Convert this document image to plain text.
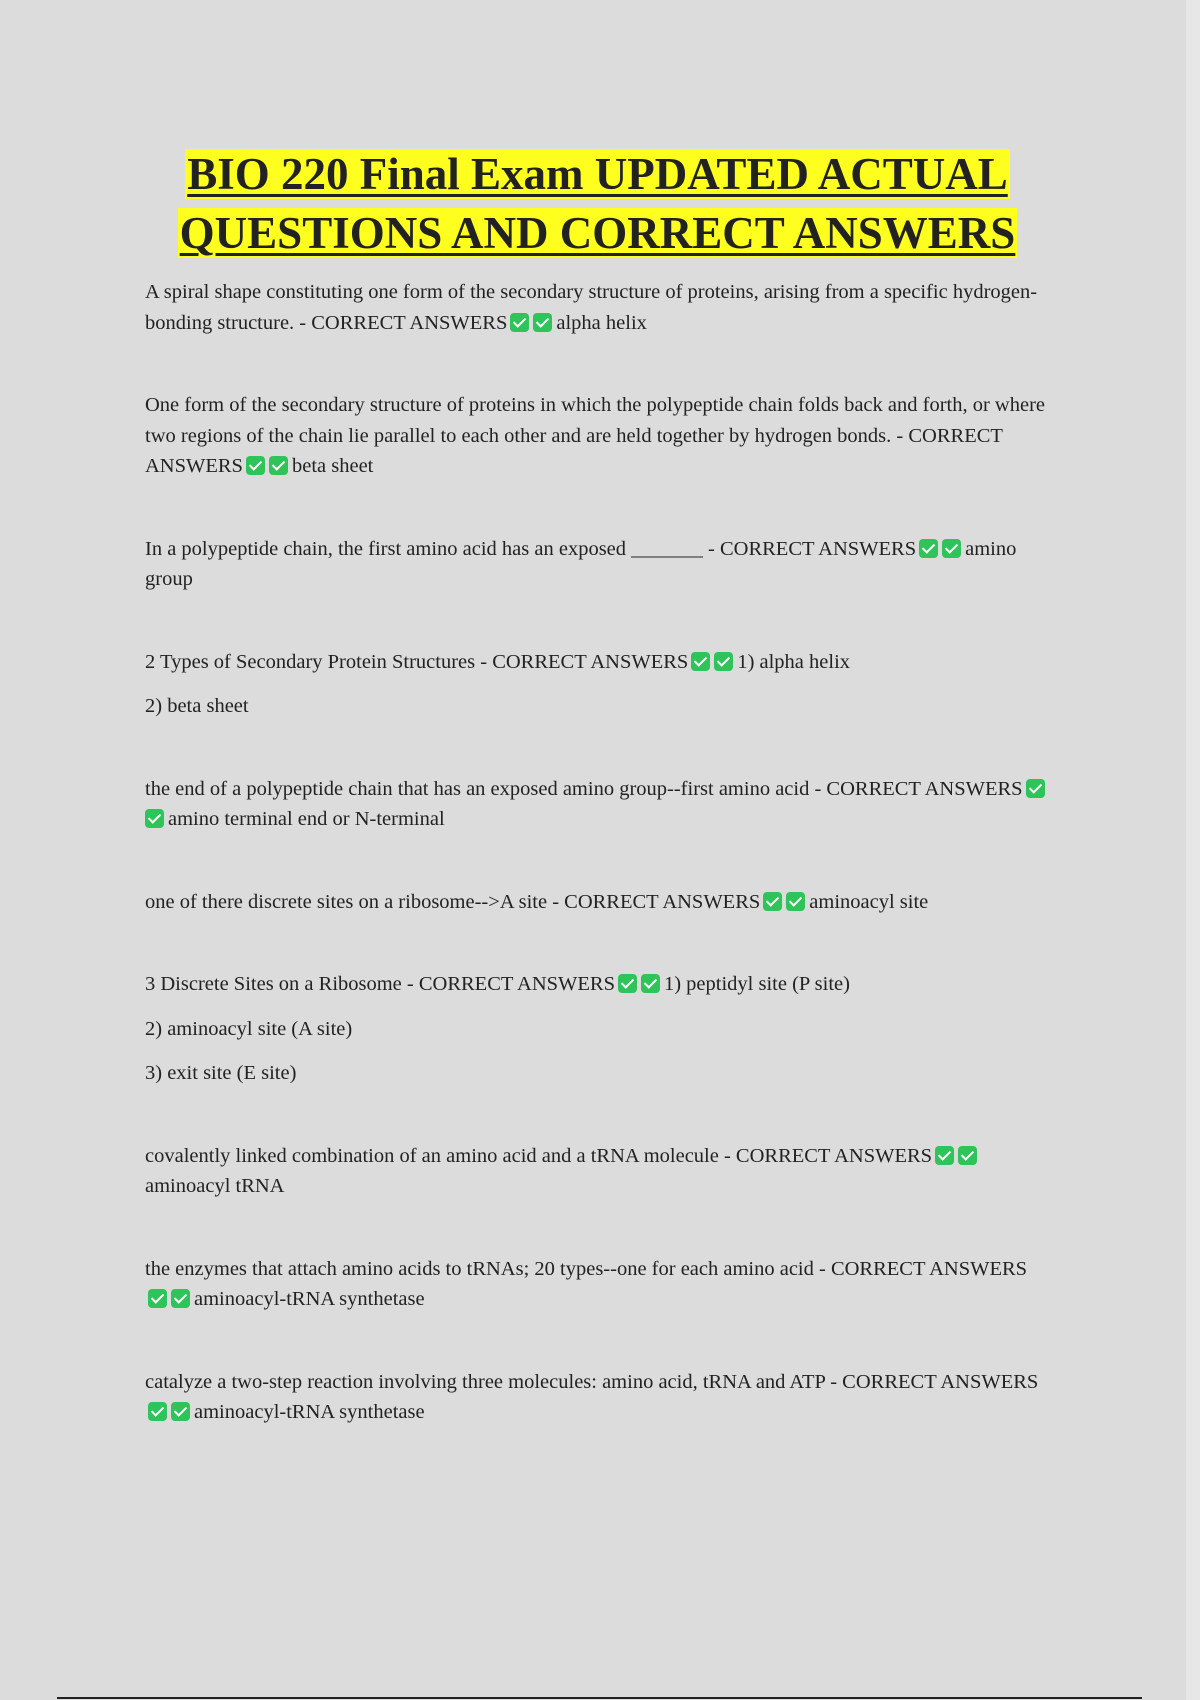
BIO 220 Final Exam UPDATED ACTUAL QUESTIONS AND CORRECT ANSWERS

A spiral shape constituting one form of the secondary structure of proteins, arising from a specific hydrogen-bonding structure. - CORRECT ANSWERS alpha helix

One form of the secondary structure of proteins in which the polypeptide chain folds back and forth, or where two regions of the chain lie parallel to each other and are held together by hydrogen bonds. - CORRECT ANSWERS beta sheet

In a polypeptide chain, the first amino acid has an exposed _______ - CORRECT ANSWERS amino group

2 Types of Secondary Protein Structures - CORRECT ANSWERS 1) alpha helix

2) beta sheet

the end of a polypeptide chain that has an exposed amino group--first amino acid - CORRECT ANSWERSamino terminal end or N-terminal

one of there discrete sites on a ribosome-->A site - CORRECT ANSWERS aminoacyl site

3 Discrete Sites on a Ribosome - CORRECT ANSWERS 1) peptidyl site (P site)

2) aminoacyl site (A site)

3) exit site (E site)

covalently linked combination of an amino acid and a tRNA molecule - CORRECT ANSWERSaminoacyl tRNA

the enzymes that attach amino acids to tRNAs; 20 types--one for each amino acid - CORRECT ANSWERSaminoacyl-tRNA synthetase

catalyze a two-step reaction involving three molecules: amino acid, tRNA and ATP - CORRECT ANSWERSaminoacyl-tRNA synthetase
